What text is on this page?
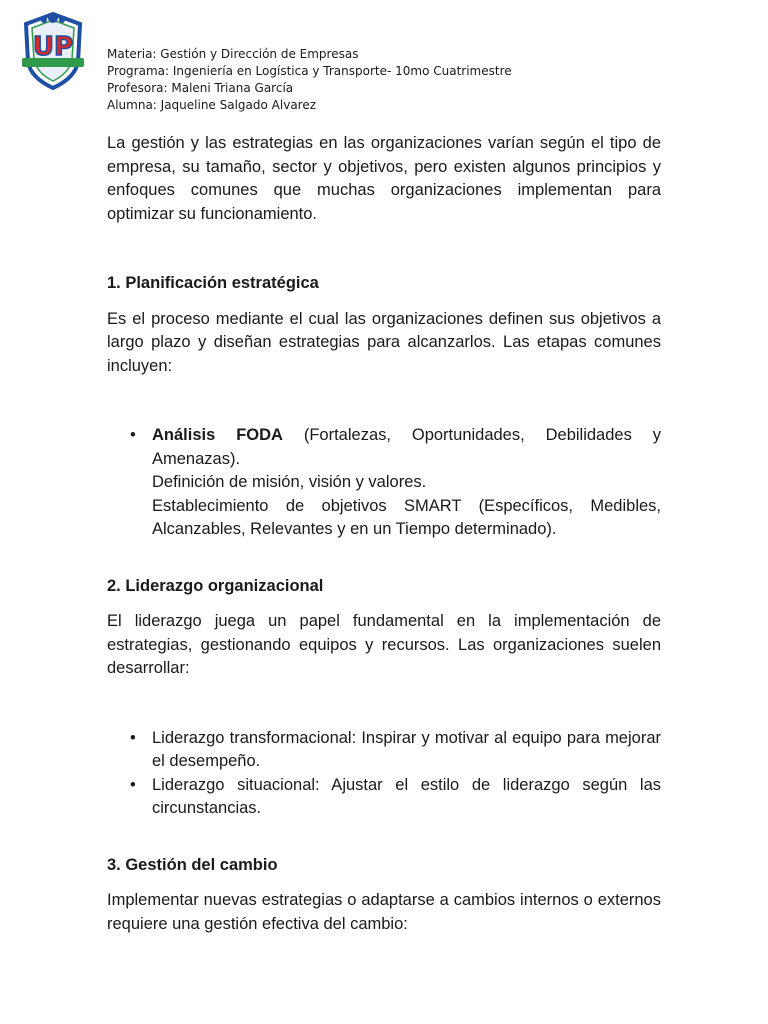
UP	Materia: Gestión y Dirección de Empresas
Programa: Ingeniería en Logística y Transporte- 10mo Cuatrimestre
Profesora: Maleni Triana García
Alumna: Jaqueline Salgado Alvarez

La gestión y las estrategias en las organizaciones varían según el tipo de empresa, su tamaño, sector y objetivos, pero existen algunos principios y enfoques comunes que muchas organizaciones implementan para optimizar su funcionamiento.

1. Planificación estratégica

Es el proceso mediante el cual las organizaciones definen sus objetivos a largo plazo y diseñan estrategias para alcanzarlos. Las etapas comunes incluyen:

• Análisis FODA (Fortalezas, Oportunidades, Debilidades y Amenazas).
Definición de misión, visión y valores.
Establecimiento de objetivos SMART (Específicos, Medibles, Alcanzables, Relevantes y en un Tiempo determinado).
2. Liderazgo organizacional

El liderazgo juega un papel fundamental en la implementación de estrategias, gestionando equipos y recursos. Las organizaciones suelen desarrollar:

• Liderazgo transformacional: Inspirar y motivar al equipo para mejorar el desempeño.
• Liderazgo situacional: Ajustar el estilo de liderazgo según las circunstancias.
3. Gestión del cambio

Implementar nuevas estrategias o adaptarse a cambios internos o externos requiere una gestión efectiva del cambio:
